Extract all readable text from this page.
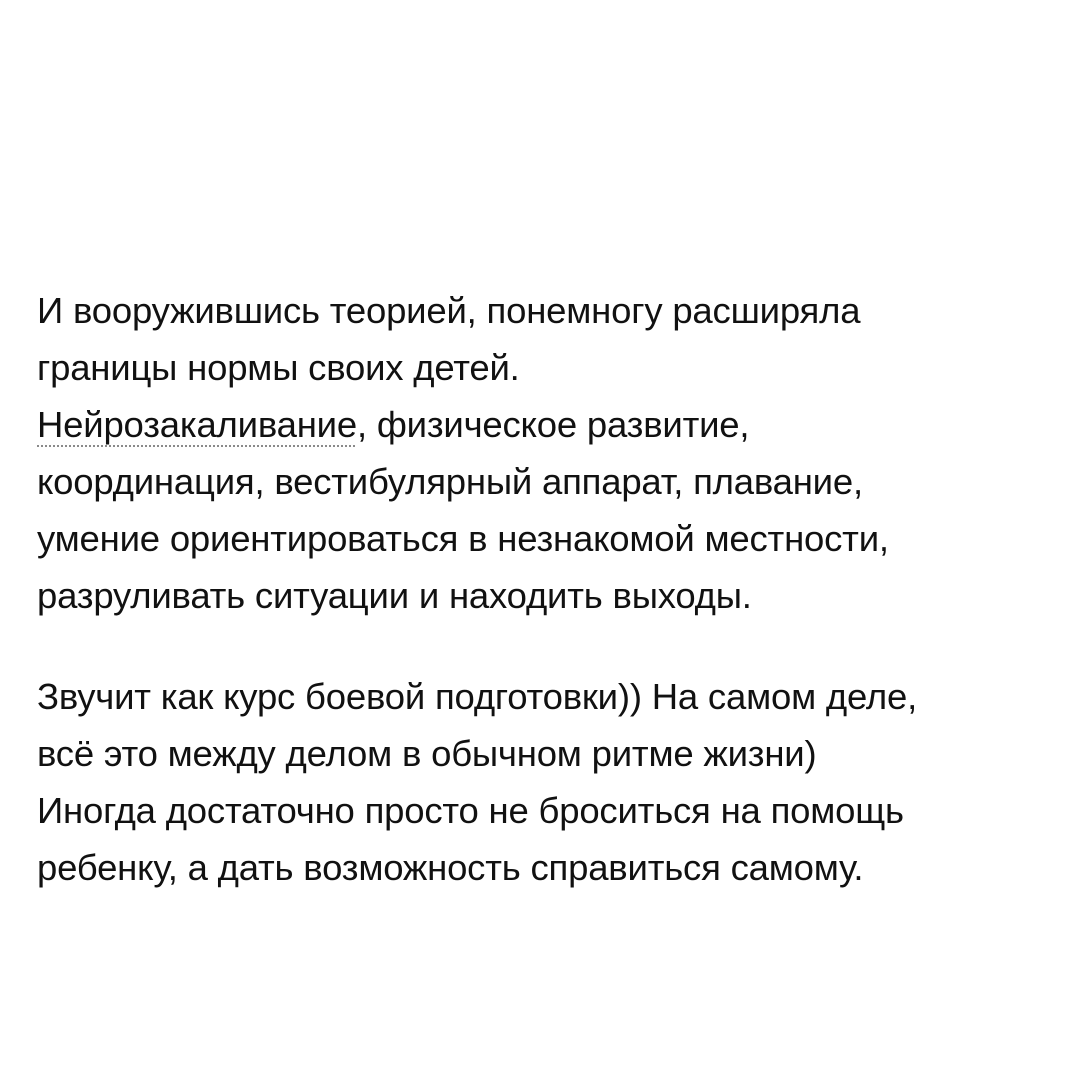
И вооружившись теорией, понемногу расширяла
границы нормы своих детей.
Нейрозакаливание, физическое развитие,
координация, вестибулярный аппарат, плавание,
умение ориентироваться в незнакомой местности,
разруливать ситуации и находить выходы.
Звучит как курс боевой подготовки)) На самом деле,
всё это между делом в обычном ритме жизни)
Иногда достаточно просто не броситься на помощь
ребенку, а дать возможность справиться самому.
